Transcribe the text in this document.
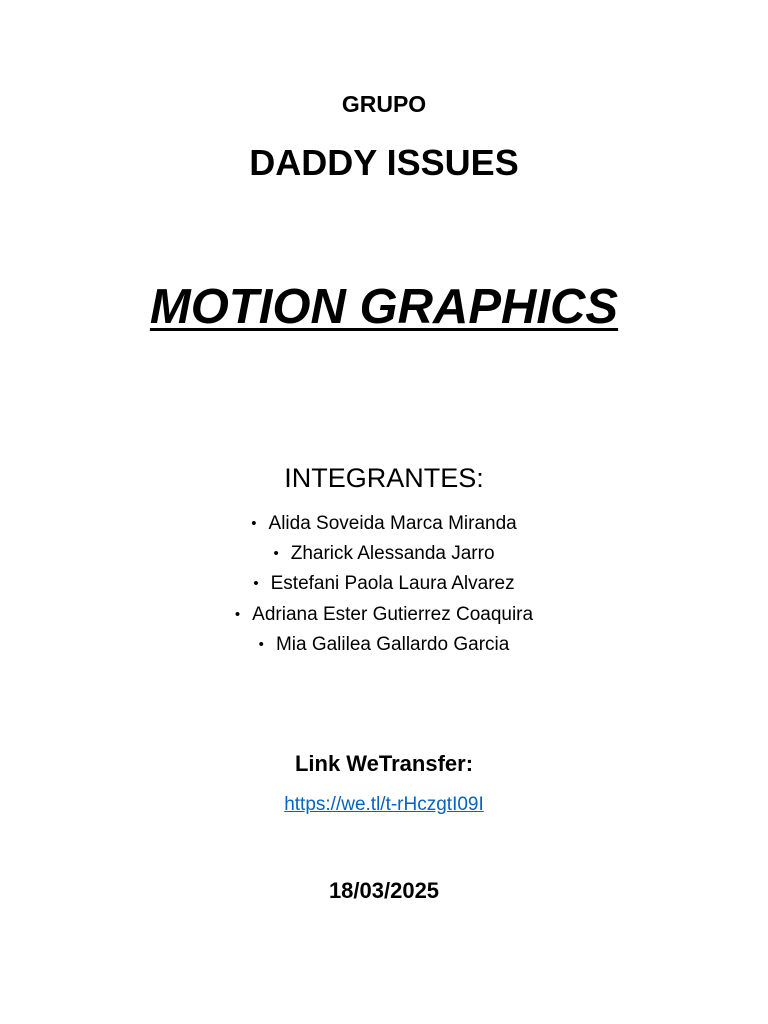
GRUPO
DADDY ISSUES
MOTION GRAPHICS
INTEGRANTES:
• Alida Soveida Marca Miranda
• Zharick Alessanda Jarro
• Estefani Paola Laura Alvarez
• Adriana Ester Gutierrez Coaquira
• Mia Galilea Gallardo Garcia
Link WeTransfer:
https://we.tl/t-rHczgtI09I
18/03/2025
